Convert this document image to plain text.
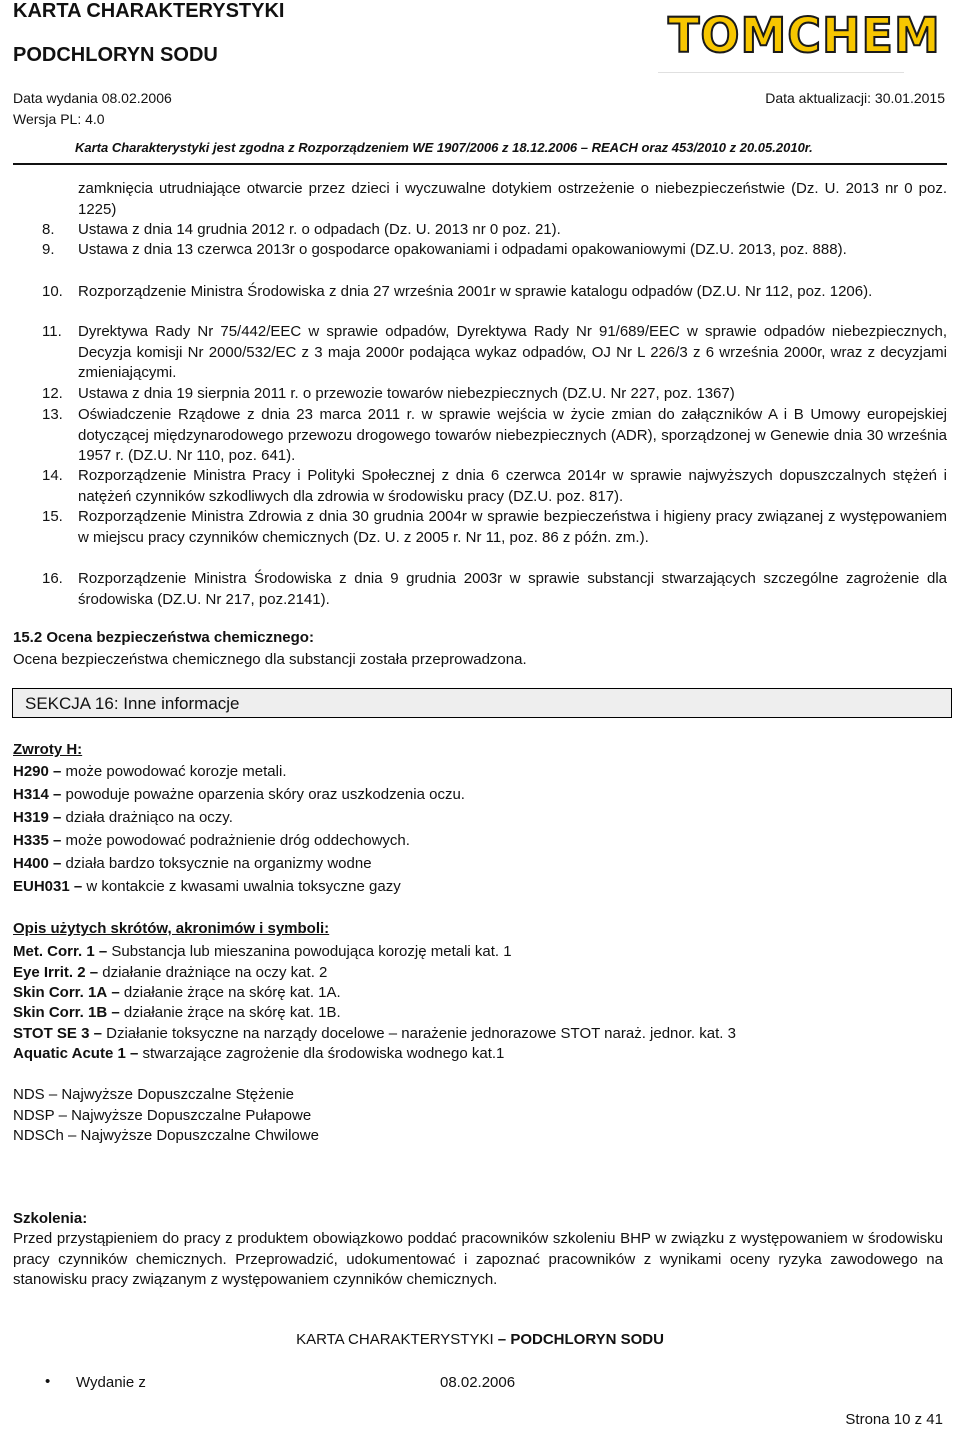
KARTA CHARAKTERYSTYKI
PODCHLORYN SODU	TOMCHEM
Data wydania 08.02.2006	Data aktualizacji: 30.01.2015
Wersja PL: 4.0
Karta Charakterystyki jest zgodna z Rozporządzeniem WE 1907/2006 z 18.12.2006 – REACH oraz 453/2010 z 20.05.2010r.
zamknięcia utrudniające otwarcie przez dzieci i wyczuwalne dotykiem ostrzeżenie o niebezpieczeństwie (Dz. U. 2013 nr 0 poz. 1225)
8. Ustawa z dnia 14 grudnia 2012 r. o odpadach (Dz. U. 2013 nr 0 poz. 21).
9. Ustawa z dnia 13 czerwca 2013r o gospodarce opakowaniami i odpadami opakowaniowymi (DZ.U. 2013, poz. 888).
10. Rozporządzenie Ministra Środowiska z dnia 27 września 2001r w sprawie katalogu odpadów (DZ.U. Nr 112, poz. 1206).
11. Dyrektywa Rady Nr 75/442/EEC w sprawie odpadów, Dyrektywa Rady Nr 91/689/EEC w sprawie odpadów niebezpiecznych, Decyzja komisji Nr 2000/532/EC z 3 maja 2000r podająca wykaz odpadów, OJ Nr L 226/3 z 6 września 2000r, wraz z decyzjami zmieniającymi.
12. Ustawa z dnia 19 sierpnia 2011 r. o przewozie towarów niebezpiecznych (DZ.U. Nr 227, poz. 1367)
13. Oświadczenie Rządowe z dnia 23 marca 2011 r. w sprawie wejścia w życie zmian do załączników A i B Umowy europejskiej dotyczącej międzynarodowego przewozu drogowego towarów niebezpiecznych (ADR), sporządzonej w Genewie dnia 30 września 1957 r. (DZ.U. Nr 110, poz. 641).
14. Rozporządzenie Ministra Pracy i Polityki Społecznej z dnia 6 czerwca 2014r w sprawie najwyższych dopuszczalnych stężeń i natężeń czynników szkodliwych dla zdrowia w środowisku pracy (DZ.U. poz. 817).
15. Rozporządzenie Ministra Zdrowia z dnia 30 grudnia 2004r w sprawie bezpieczeństwa i higieny pracy związanej z występowaniem w miejscu pracy czynników chemicznych (Dz. U. z 2005 r. Nr 11, poz. 86 z późn. zm.).
16. Rozporządzenie Ministra Środowiska z dnia 9 grudnia 2003r w sprawie substancji stwarzających szczególne zagrożenie dla środowiska (DZ.U. Nr 217, poz.2141).
15.2 Ocena bezpieczeństwa chemicznego:
Ocena bezpieczeństwa chemicznego dla substancji została przeprowadzona.
SEKCJA 16: Inne informacje
Zwroty H:
H290 – może powodować korozje metali.
H314 – powoduje poważne oparzenia skóry oraz uszkodzenia oczu.
H319 – działa drażniąco na oczy.
H335 – może powodować podrażnienie dróg oddechowych.
H400 – działa bardzo toksycznie na organizmy wodne
EUH031 – w kontakcie z kwasami uwalnia toksyczne gazy
Opis użytych skrótów, akronimów i symboli:
Met. Corr. 1 – Substancja lub mieszanina powodująca korozję metali kat. 1
Eye Irrit. 2 – działanie drażniące na oczy kat. 2
Skin Corr. 1A – działanie żrące na skórę kat. 1A.
Skin Corr. 1B – działanie żrące na skórę kat. 1B.
STOT SE 3 – Działanie toksyczne na narządy docelowe – narażenie jednorazowe STOT naraż. jednor. kat. 3
Aquatic Acute 1 – stwarzające zagrożenie dla środowiska wodnego kat.1
NDS – Najwyższe Dopuszczalne Stężenie
NDSP – Najwyższe Dopuszczalne Pułapowe
NDSCh – Najwyższe Dopuszczalne Chwilowe
Szkolenia:
Przed przystąpieniem do pracy z produktem obowiązkowo poddać pracowników szkoleniu BHP w związku z występowaniem w środowisku pracy czynników chemicznych. Przeprowadzić, udokumentować i zapoznać pracowników z wynikami oceny ryzyka zawodowego na stanowisku pracy związanym z występowaniem czynników chemicznych.
KARTA CHARAKTERYSTYKI – PODCHLORYN SODU
• Wydanie z	08.02.2006
Strona 10 z 41
